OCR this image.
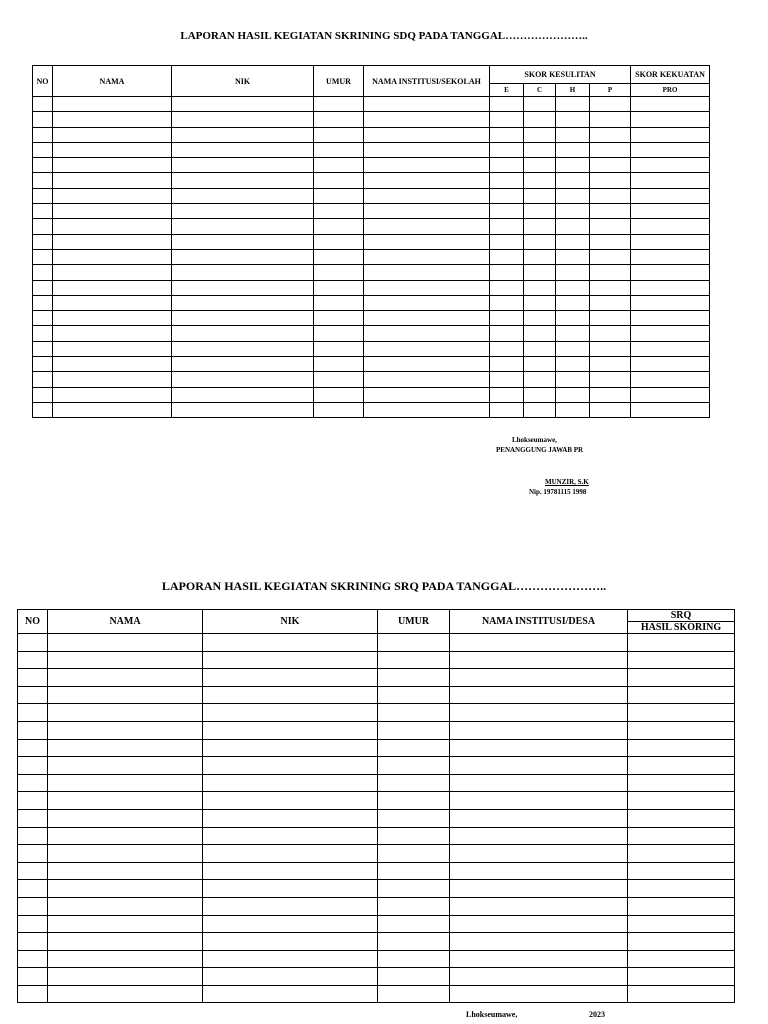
LAPORAN HASIL KEGIATAN SKRINING SDQ PADA TANGGAL…………………..
NO	NAMA	NIK	UMUR	NAMA INSTITUSI/SEKOLAH	SKOR KESULITAN				SKOR KEKUATAN
					E	C	H	P	PRO

Lhokseumawe,
PENANGGUNG JAWAB PR
MUNZIR, S.K
Nip. 19781115 1998
LAPORAN HASIL KEGIATAN SKRINING SRQ PADA TANGGAL…………………..
NO	NAMA	NIK	UMUR	NAMA INSTITUSI/DESA	SRQ
					HASIL SKORING

Lhokseumawe,	2023
